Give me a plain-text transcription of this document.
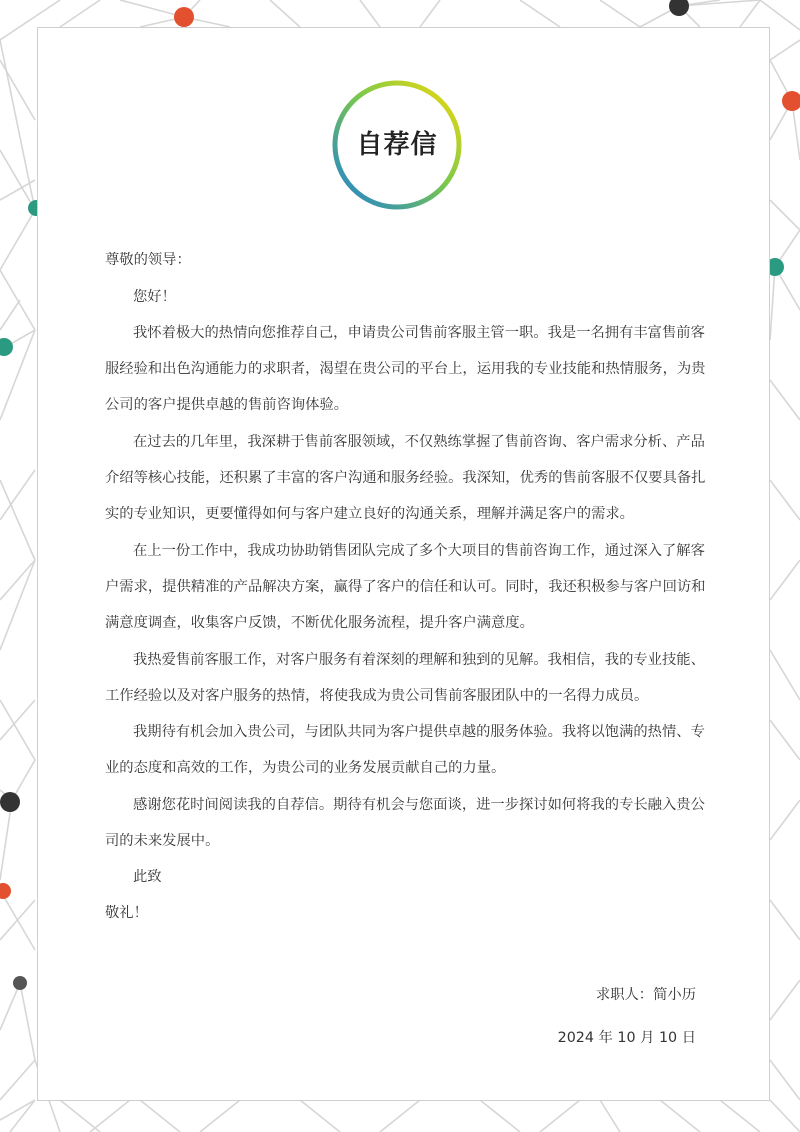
自荐信
尊敬的领导：
您好！
我怀着极大的热情向您推荐自己，申请贵公司售前客服主管一职。我是一名拥有丰富售前客
服经验和出色沟通能力的求职者，渴望在贵公司的平台上，运用我的专业技能和热情服务，为贵
公司的客户提供卓越的售前咨询体验。
在过去的几年里，我深耕于售前客服领域，不仅熟练掌握了售前咨询、客户需求分析、产品
介绍等核心技能，还积累了丰富的客户沟通和服务经验。我深知，优秀的售前客服不仅要具备扎
实的专业知识，更要懂得如何与客户建立良好的沟通关系，理解并满足客户的需求。
在上一份工作中，我成功协助销售团队完成了多个大项目的售前咨询工作，通过深入了解客
户需求，提供精准的产品解决方案，赢得了客户的信任和认可。同时，我还积极参与客户回访和
满意度调查，收集客户反馈，不断优化服务流程，提升客户满意度。
我热爱售前客服工作，对客户服务有着深刻的理解和独到的见解。我相信，我的专业技能、
工作经验以及对客户服务的热情，将使我成为贵公司售前客服团队中的一名得力成员。
我期待有机会加入贵公司，与团队共同为客户提供卓越的服务体验。我将以饱满的热情、专
业的态度和高效的工作，为贵公司的业务发展贡献自己的力量。
感谢您花时间阅读我的自荐信。期待有机会与您面谈，进一步探讨如何将我的专长融入贵公
司的未来发展中。
此致
敬礼！
求职人：简小历
2024 年 10 月 10 日
